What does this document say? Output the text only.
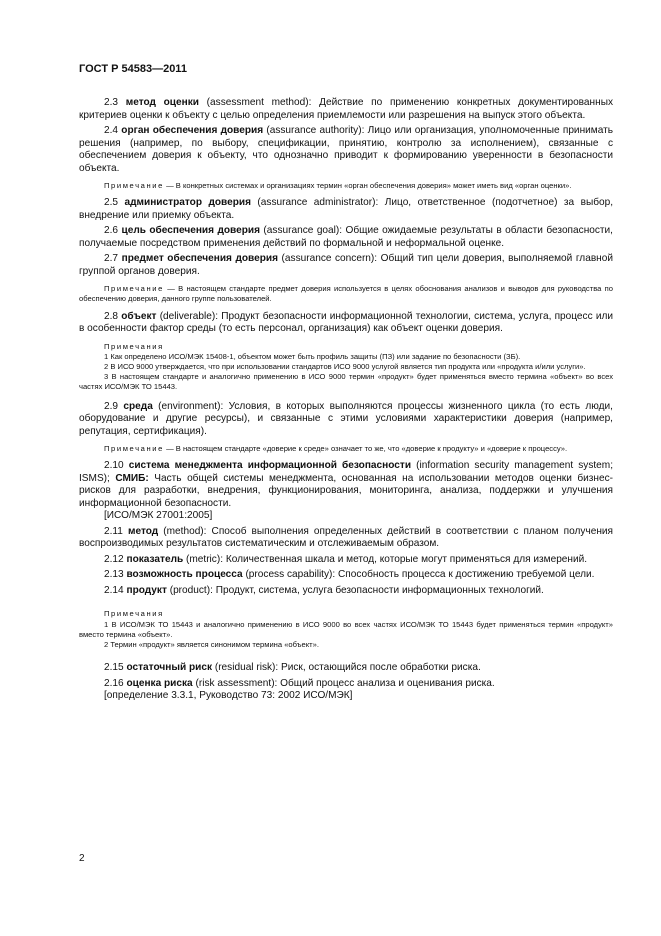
ГОСТ Р 54583—2011

2.3 метод оценки (assessment method): Действие по применению конкретных документированных критериев оценки к объекту с целью определения приемлемости или разрешения на выпуск этого объекта.

2.4 орган обеспечения доверия (assurance authority): Лицо или организация, уполномоченные принимать решения (например, по выбору, спецификации, принятию, контролю за исполнением), связанные с обеспечением доверия к объекту, что однозначно приводит к формированию уверенности в безопасности объекта.

Примечание — В конкретных системах и организациях термин «орган обеспечения доверия» может иметь вид «орган оценки».

2.5 администратор доверия (assurance administrator): Лицо, ответственное (подотчетное) за выбор, внедрение или приемку объекта.

2.6 цель обеспечения доверия (assurance goal): Общие ожидаемые результаты в области безопасности, получаемые посредством применения действий по формальной и неформальной оценке.

2.7 предмет обеспечения доверия (assurance concern): Общий тип цели доверия, выполняемой главной группой органов доверия.

Примечание — В настоящем стандарте предмет доверия используется в целях обоснования анализов и выводов для руководства по обеспечению доверия, данного группе пользователей.

2.8 объект (deliverable): Продукт безопасности информационной технологии, система, услуга, процесс или в особенности фактор среды (то есть персонал, организация) как объект оценки доверия.

Примечания

1 Как определено ИСО/МЭК 15408-1, объектом может быть профиль защиты (ПЗ) или задание по безопасности (ЗБ).

2 В ИСО 9000 утверждается, что при использовании стандартов ИСО 9000 услугой является тип продукта или «продукта и/или услуги».

3 В настоящем стандарте и аналогично применению в ИСО 9000 термин «продукт» будет применяться вместо термина «объект» во всех частях ИСО/МЭК ТО 15443.

2.9 среда (environment): Условия, в которых выполняются процессы жизненного цикла (то есть люди, оборудование и другие ресурсы), и связанные с этими условиями характеристики доверия (например, репутация, сертификация).

Примечание — В настоящем стандарте «доверие к среде» означает то же, что «доверие к продукту» и «доверие к процессу».

2.10 система менеджмента информационной безопасности (information security management system; ISMS); СМИБ: Часть общей системы менеджмента, основанная на использовании методов оценки бизнес-рисков для разработки, внедрения, функционирования, мониторинга, анализа, поддержки и улучшения информационной безопасности.

[ИСО/МЭК 27001:2005]

2.11 метод (method): Способ выполнения определенных действий в соответствии с планом получения воспроизводимых результатов систематическим и отслеживаемым образом.

2.12 показатель (metric): Количественная шкала и метод, которые могут применяться для измерений.

2.13 возможность процесса (process capability): Способность процесса к достижению требуемой цели.

2.14 продукт (product): Продукт, система, услуга безопасности информационных технологий.

Примечания

1 В ИСО/МЭК ТО 15443 и аналогично применению в ИСО 9000 во всех частях ИСО/МЭК ТО 15443 будет применяться термин «продукт» вместо термина «объект».

2 Термин «продукт» является синонимом термина «объект».

2.15 остаточный риск (residual risk): Риск, остающийся после обработки риска.

2.16 оценка риска (risk assessment): Общий процесс анализа и оценивания риска.

[определение 3.3.1, Руководство 73: 2002 ИСО/МЭК]

2
